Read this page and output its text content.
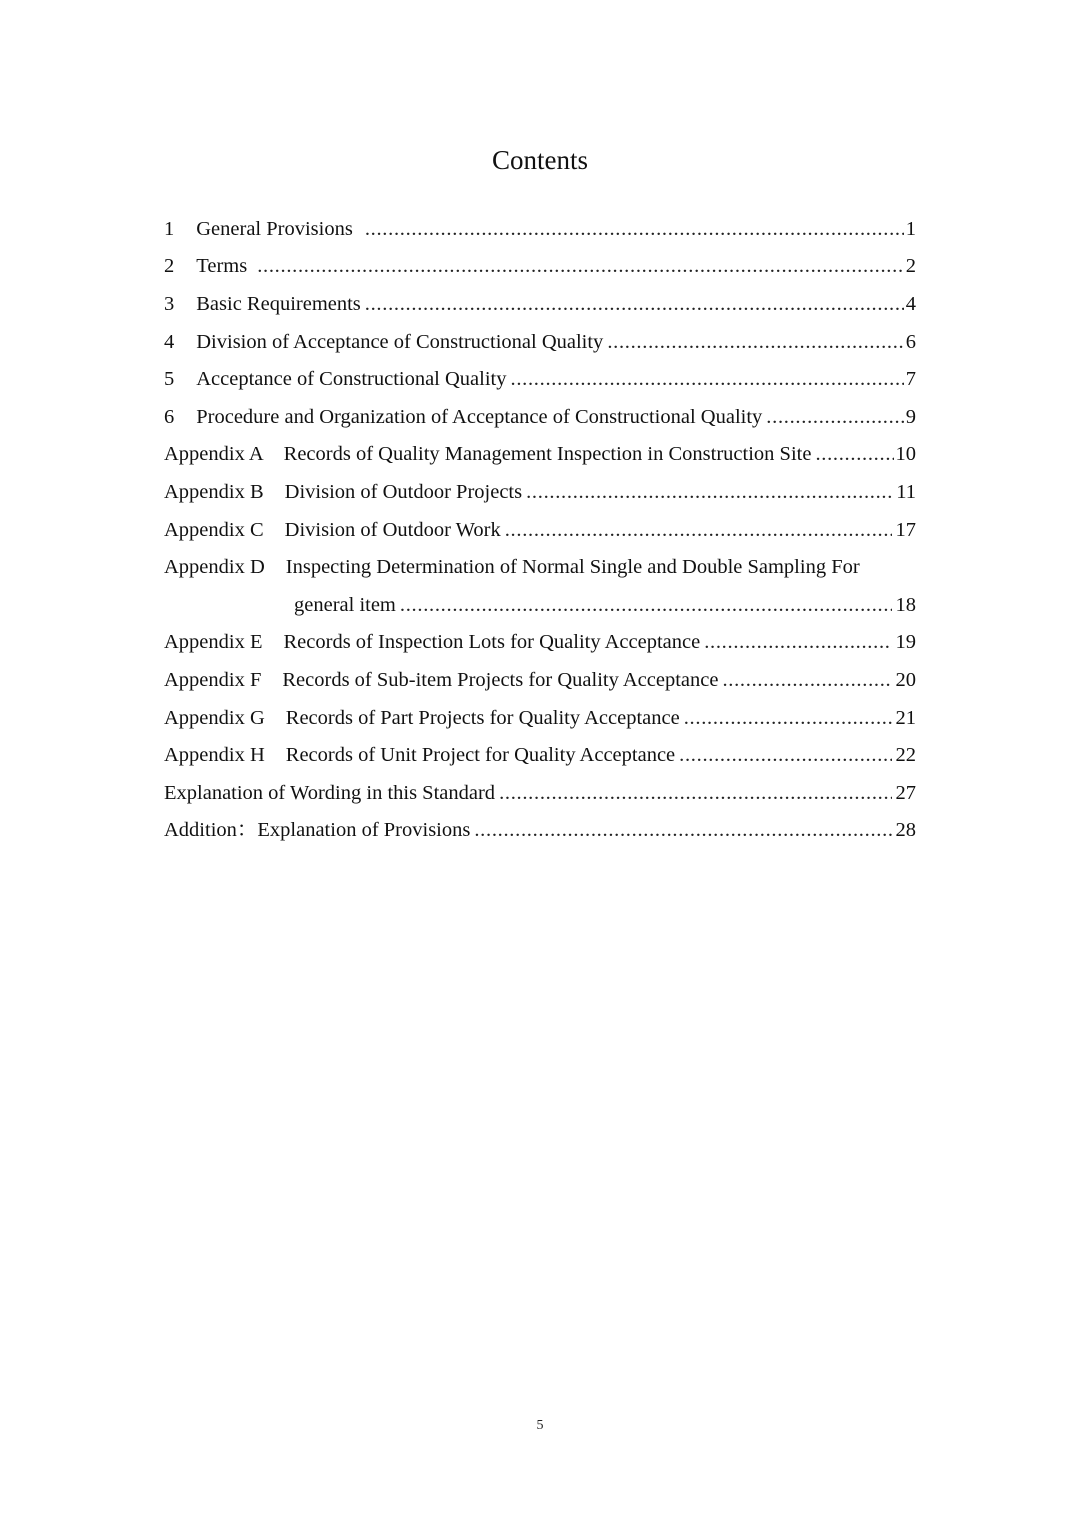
Contents
1 General Provisions .....	1
2 Terms .....	2
3 Basic Requirements .....	4
4 Division of Acceptance of Constructional Quality .....	6
5 Acceptance of Constructional Quality .....	7
6 Procedure and Organization of Acceptance of Constructional Quality .....	9
Appendix A Records of Quality Management Inspection in Construction Site .....	10
Appendix B Division of Outdoor Projects .....	11
Appendix C Division of Outdoor Work .....	17
Appendix D Inspecting Determination of Normal Single and Double Sampling For
general item .....	18
Appendix E Records of Inspection Lots for Quality Acceptance .....	19
Appendix F Records of Sub-item Projects for Quality Acceptance .....	20
Appendix G Records of Part Projects for Quality Acceptance .....	21
Appendix H Records of Unit Project for Quality Acceptance .....	22
Explanation of Wording in this Standard .....	27
Addition：Explanation of Provisions .....	28
5
